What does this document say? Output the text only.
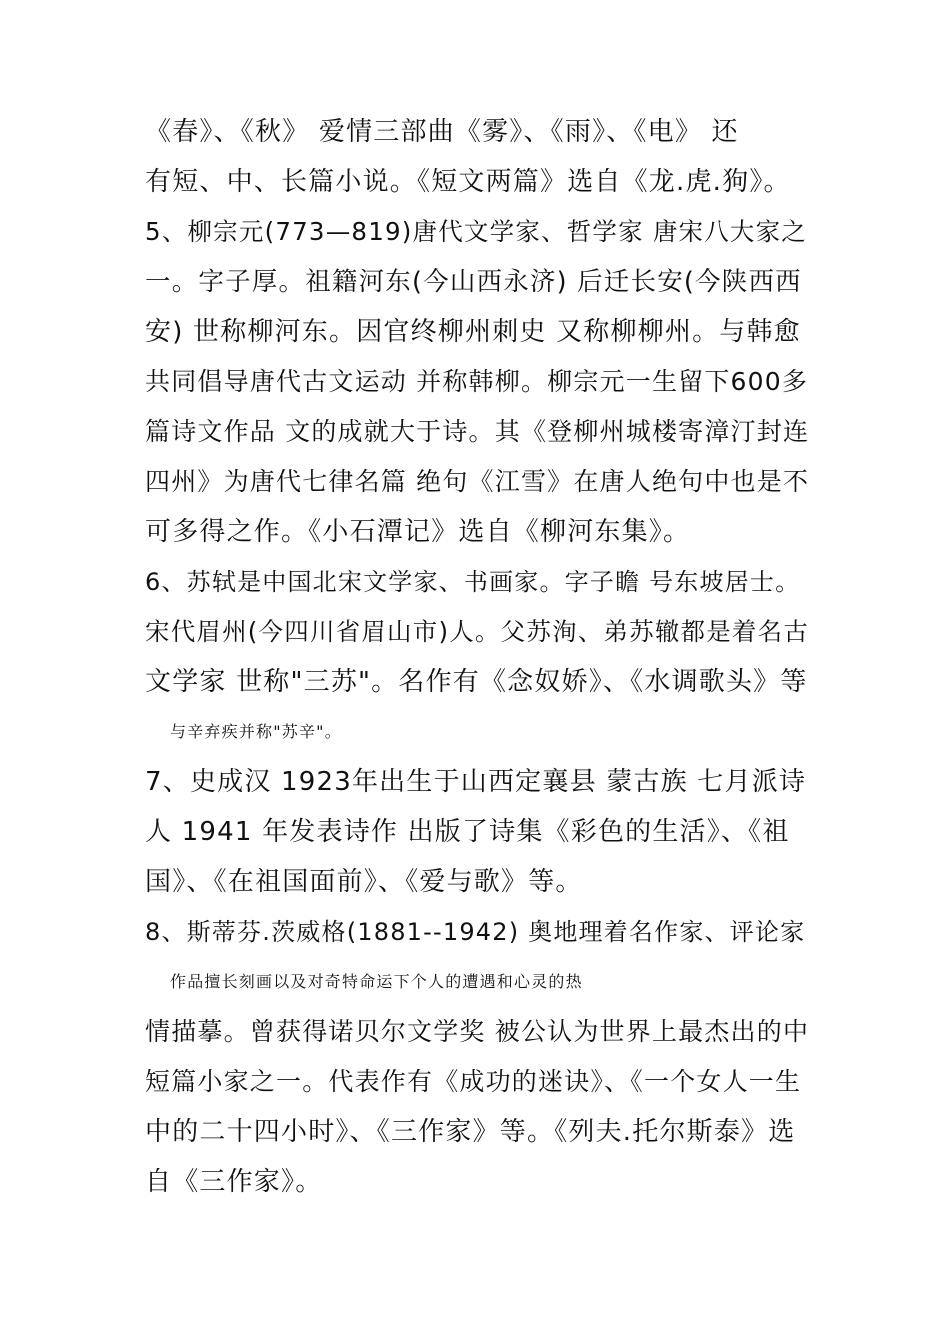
《春》、《秋》 爱情三部曲《雾》、《雨》、《电》 还
有短、中、长篇小说。《短文两篇》选自《龙.虎.狗》。
5、柳宗元(773—819)唐代文学家、哲学家 唐宋八大家之
一。字子厚。祖籍河东(今山西永济) 后迁长安(今陕西西
安) 世称柳河东。因官终柳州刺史 又称柳柳州。与韩愈
共同倡导唐代古文运动 并称韩柳。柳宗元一生留下600多
篇诗文作品 文的成就大于诗。其《登柳州城楼寄漳汀封连
四州》为唐代七律名篇 绝句《江雪》在唐人绝句中也是不
可多得之作。《小石潭记》选自《柳河东集》。
6、苏轼是中国北宋文学家、书画家。字子瞻 号东坡居士。
宋代眉州(今四川省眉山市)人。父苏洵、弟苏辙都是着名古
文学家 世称"三苏"。名作有《念奴娇》、《水调歌头》等
与辛弃疾并称"苏辛"。
7、史成汉 1923年出生于山西定襄县 蒙古族 七月派诗
人 1941 年发表诗作 出版了诗集《彩色的生活》、《祖
国》、《在祖国面前》、《爱与歌》等。
8、斯蒂芬.茨威格(1881--1942) 奥地理着名作家、评论家
作品擅长刻画以及对奇特命运下个人的遭遇和心灵的热
情描摹。曾获得诺贝尔文学奖 被公认为世界上最杰出的中
短篇小家之一。代表作有《成功的迷诀》、《一个女人一生
中的二十四小时》、《三作家》等。《列夫.托尔斯泰》选
自《三作家》。
